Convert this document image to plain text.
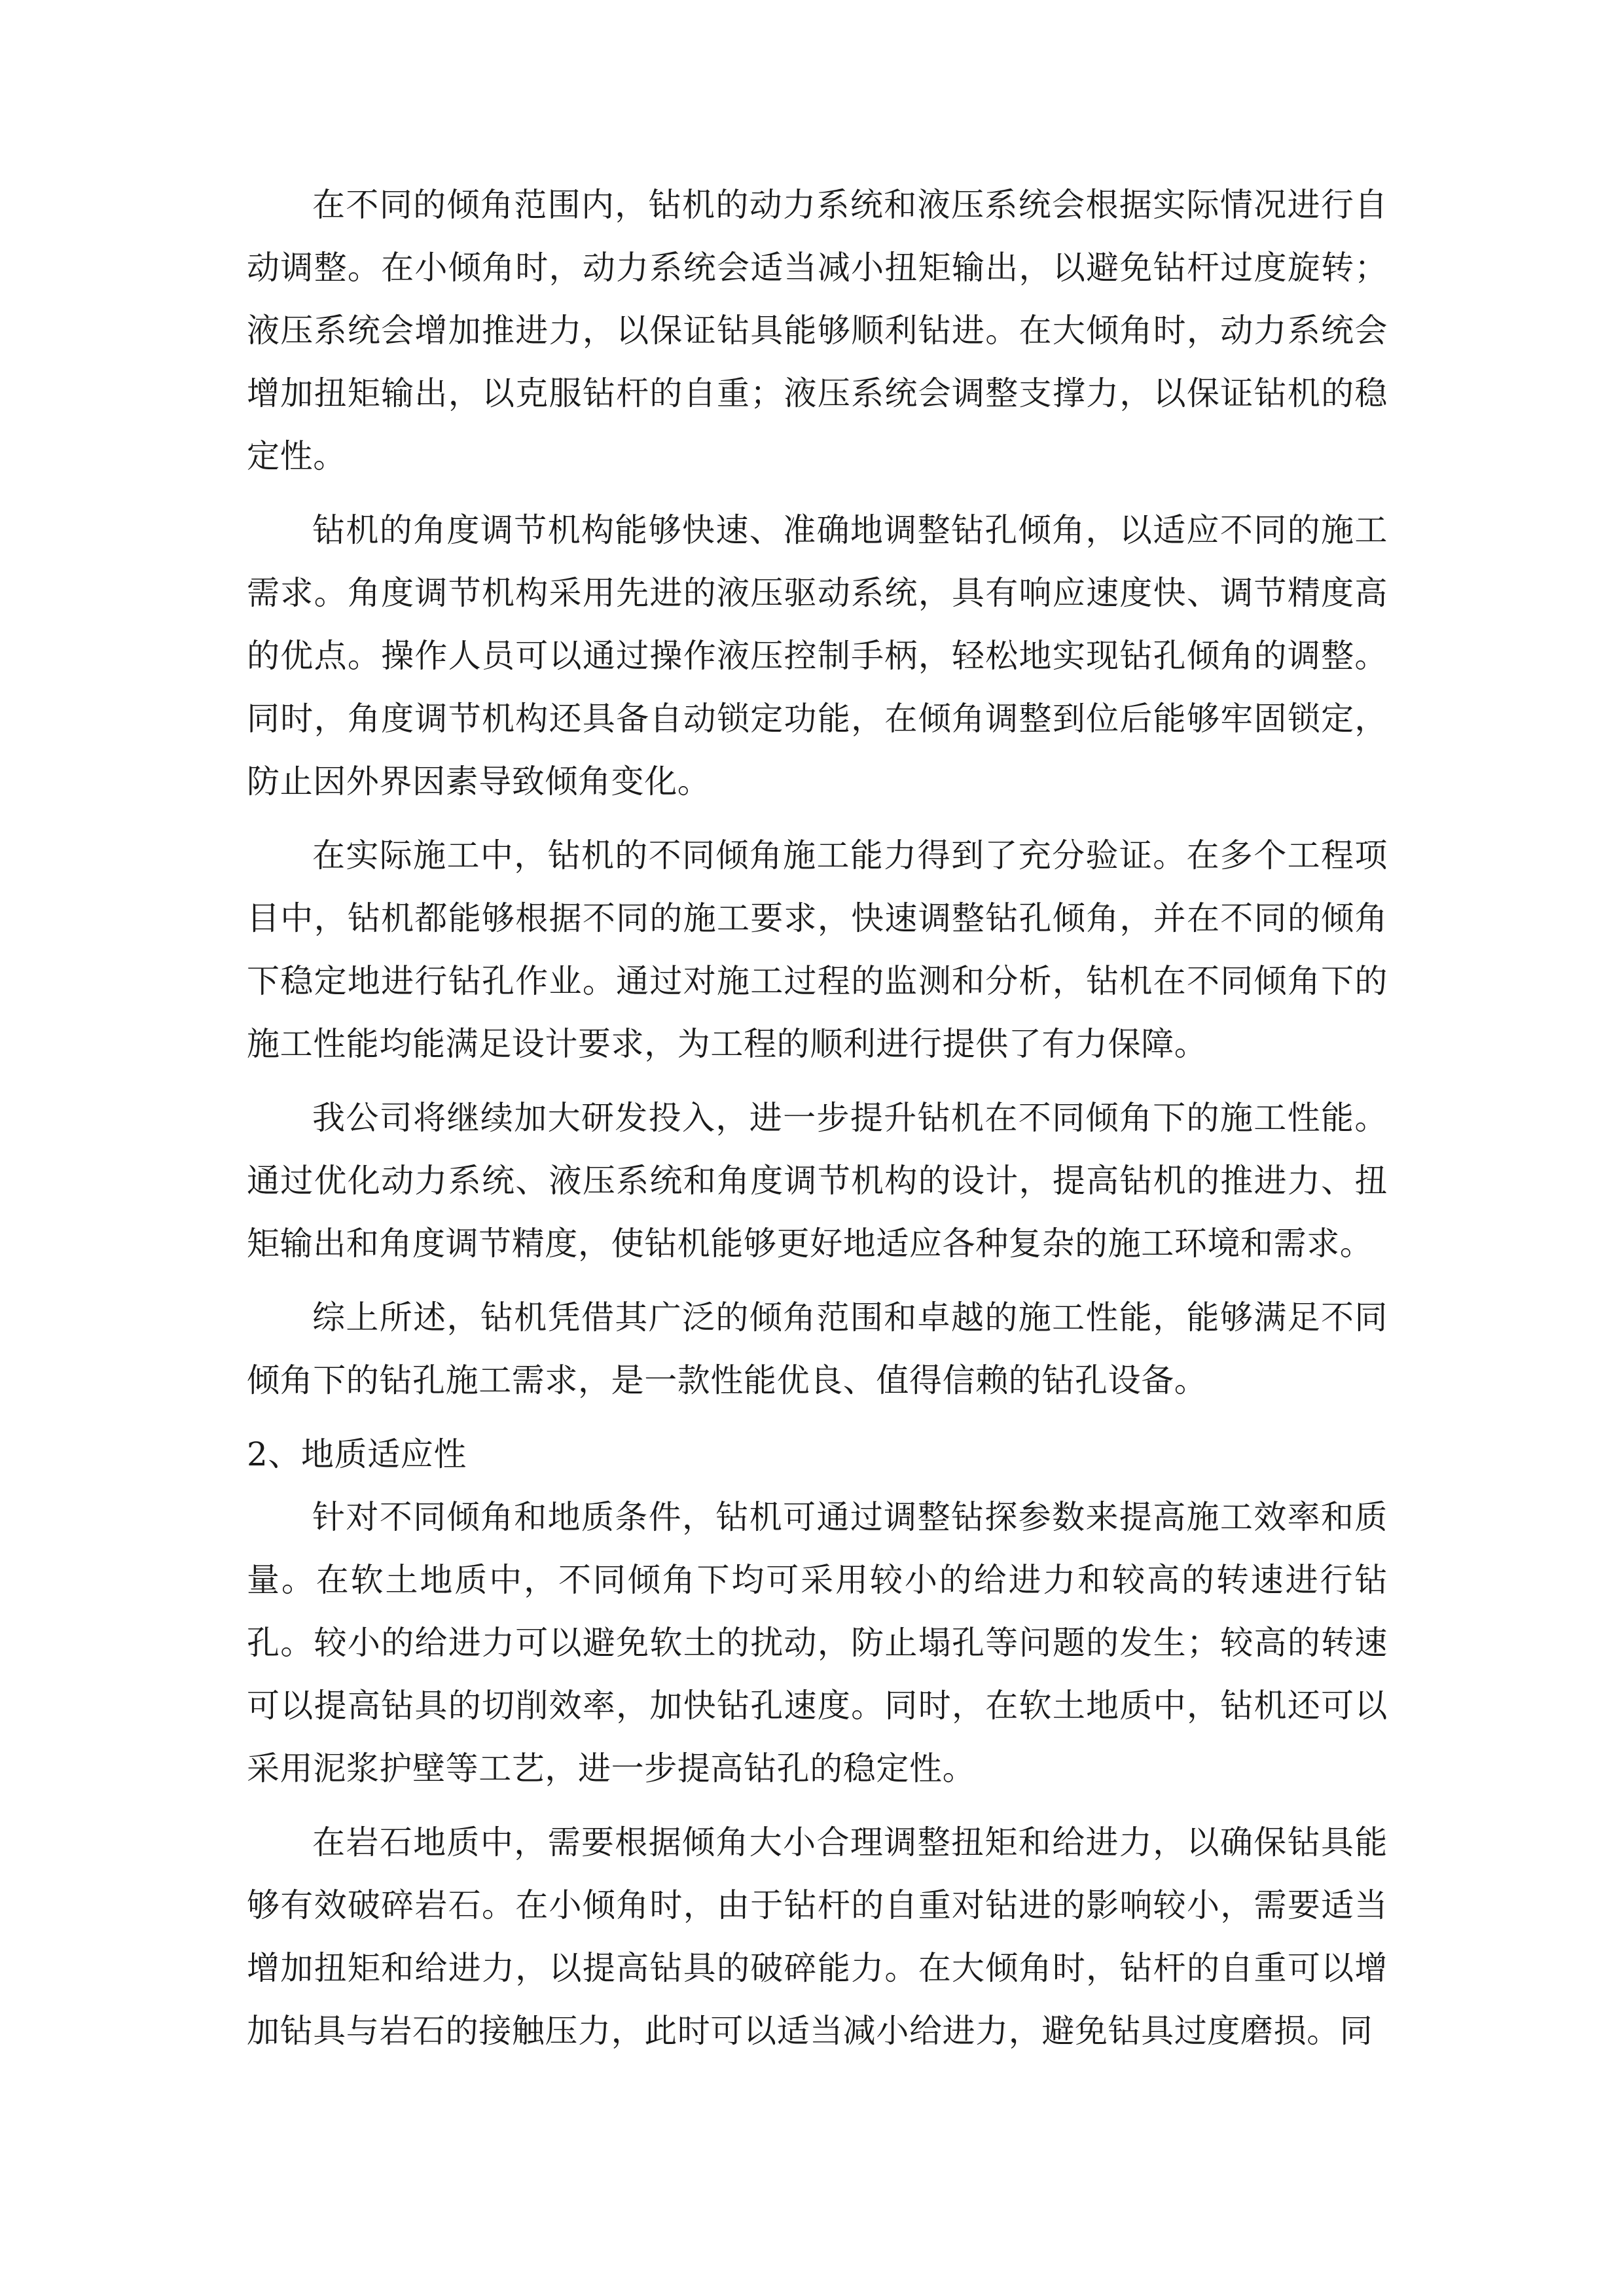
在不同的倾角范围内，钻机的动力系统和液压系统会根据实际情况进行自动调整。在小倾角时，动力系统会适当减小扭矩输出，以避免钻杆过度旋转；液压系统会增加推进力，以保证钻具能够顺利钻进。在大倾角时，动力系统会增加扭矩输出，以克服钻杆的自重；液压系统会调整支撑力，以保证钻机的稳定性。

钻机的角度调节机构能够快速、准确地调整钻孔倾角，以适应不同的施工需求。角度调节机构采用先进的液压驱动系统，具有响应速度快、调节精度高的优点。操作人员可以通过操作液压控制手柄，轻松地实现钻孔倾角的调整。同时，角度调节机构还具备自动锁定功能，在倾角调整到位后能够牢固锁定，防止因外界因素导致倾角变化。

在实际施工中，钻机的不同倾角施工能力得到了充分验证。在多个工程项目中，钻机都能够根据不同的施工要求，快速调整钻孔倾角，并在不同的倾角下稳定地进行钻孔作业。通过对施工过程的监测和分析，钻机在不同倾角下的施工性能均能满足设计要求，为工程的顺利进行提供了有力保障。

我公司将继续加大研发投入，进一步提升钻机在不同倾角下的施工性能。通过优化动力系统、液压系统和角度调节机构的设计，提高钻机的推进力、扭矩输出和角度调节精度，使钻机能够更好地适应各种复杂的施工环境和需求。

综上所述，钻机凭借其广泛的倾角范围和卓越的施工性能，能够满足不同倾角下的钻孔施工需求，是一款性能优良、值得信赖的钻孔设备。

2、地质适应性

针对不同倾角和地质条件，钻机可通过调整钻探参数来提高施工效率和质量。在软土地质中，不同倾角下均可采用较小的给进力和较高的转速进行钻孔。较小的给进力可以避免软土的扰动，防止塌孔等问题的发生；较高的转速可以提高钻具的切削效率，加快钻孔速度。同时，在软土地质中，钻机还可以采用泥浆护壁等工艺，进一步提高钻孔的稳定性。

在岩石地质中，需要根据倾角大小合理调整扭矩和给进力，以确保钻具能够有效破碎岩石。在小倾角时，由于钻杆的自重对钻进的影响较小，需要适当增加扭矩和给进力，以提高钻具的破碎能力。在大倾角时，钻杆的自重可以增加钻具与岩石的接触压力，此时可以适当减小给进力，避免钻具过度磨损。同
